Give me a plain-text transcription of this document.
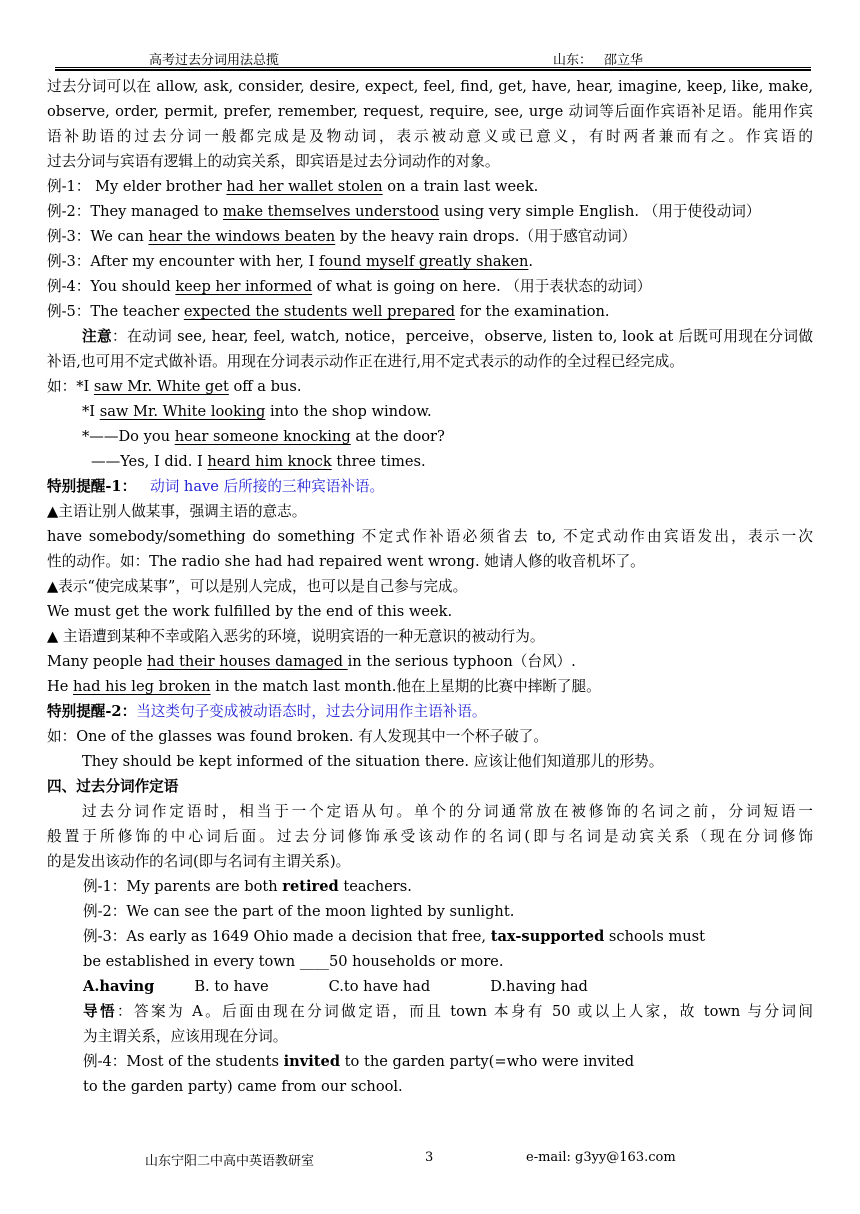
高考过去分词用法总揽	山东： 邵立华
过去分词可以在 allow, ask, consider, desire, expect, feel, find, get, have, hear, imagine, keep, like, make,
observe, order, permit, prefer, remember, request, require, see, urge 动词等后面作宾语补足语。能用作宾
语补助语的过去分词一般都完成是及物动词，表示被动意义或已意义，有时两者兼而有之。作宾语的
过去分词与宾语有逻辑上的动宾关系，即宾语是过去分词动作的对象。
例-1： My elder brother had her wallet stolen on a train last week.
例-2：They managed to make themselves understood using very simple English. （用于使役动词）
例-3：We can hear the windows beaten by the heavy rain drops.（用于感官动词）
例-3：After my encounter with her, I found myself greatly shaken.
例-4：You should keep her informed of what is going on here. （用于表状态的动词）
例-5：The teacher expected the students well prepared for the examination.
注意：在动词 see, hear, feel, watch, notice，perceive，observe, listen to, look at 后既可用现在分词做
补语,也可用不定式做补语。用现在分词表示动作正在进行,用不定式表示的动作的全过程已经完成。
如：*I saw Mr. White get off a bus.
*I saw Mr. White looking into the shop window.
*——Do you hear someone knocking at the door?
——Yes, I did. I heard him knock three times.
特别提醒-1： 动词 have 后所接的三种宾语补语。
▲主语让别人做某事，强调主语的意志。
have somebody/something do something 不定式作补语必须省去 to, 不定式动作由宾语发出，表示一次
性的动作。如：The radio she had had repaired went wrong. 她请人修的收音机坏了。
▲表示“使完成某事”，可以是别人完成，也可以是自己参与完成。
We must get the work fulfilled by the end of this week.
▲ 主语遭到某种不幸或陷入恶劣的环境，说明宾语的一种无意识的被动行为。
Many people had their houses damaged in the serious typhoon（台风）.
He had his leg broken in the match last month.他在上星期的比赛中摔断了腿。
特别提醒-2：当这类句子变成被动语态时，过去分词用作主语补语。
如：One of the glasses was found broken. 有人发现其中一个杯子破了。
They should be kept informed of the situation there. 应该让他们知道那儿的形势。
四、过去分词作定语
过去分词作定语时，相当于一个定语从句。单个的分词通常放在被修饰的名词之前，分词短语一
般置于所修饰的中心词后面。过去分词修饰承受该动作的名词(即与名词是动宾关系（现在分词修饰
的是发出该动作的名词(即与名词有主谓关系)。
例-1：My parents are both retired teachers.
例-2：We can see the part of the moon lighted by sunlight.
例-3：As early as 1649 Ohio made a decision that free, tax-supported schools must
be established in every town ____50 households or more.
A.having	B. to have	C.to have had	D.having had
导悟：答案为 A。后面由现在分词做定语，而且 town 本身有 50 或以上人家，故 town 与分词间
为主谓关系，应该用现在分词。
例-4：Most of the students invited to the garden party(=who were invited
to the garden party) came from our school.
山东宁阳二中高中英语教研室	3	e-mail: g3yy@163.com
